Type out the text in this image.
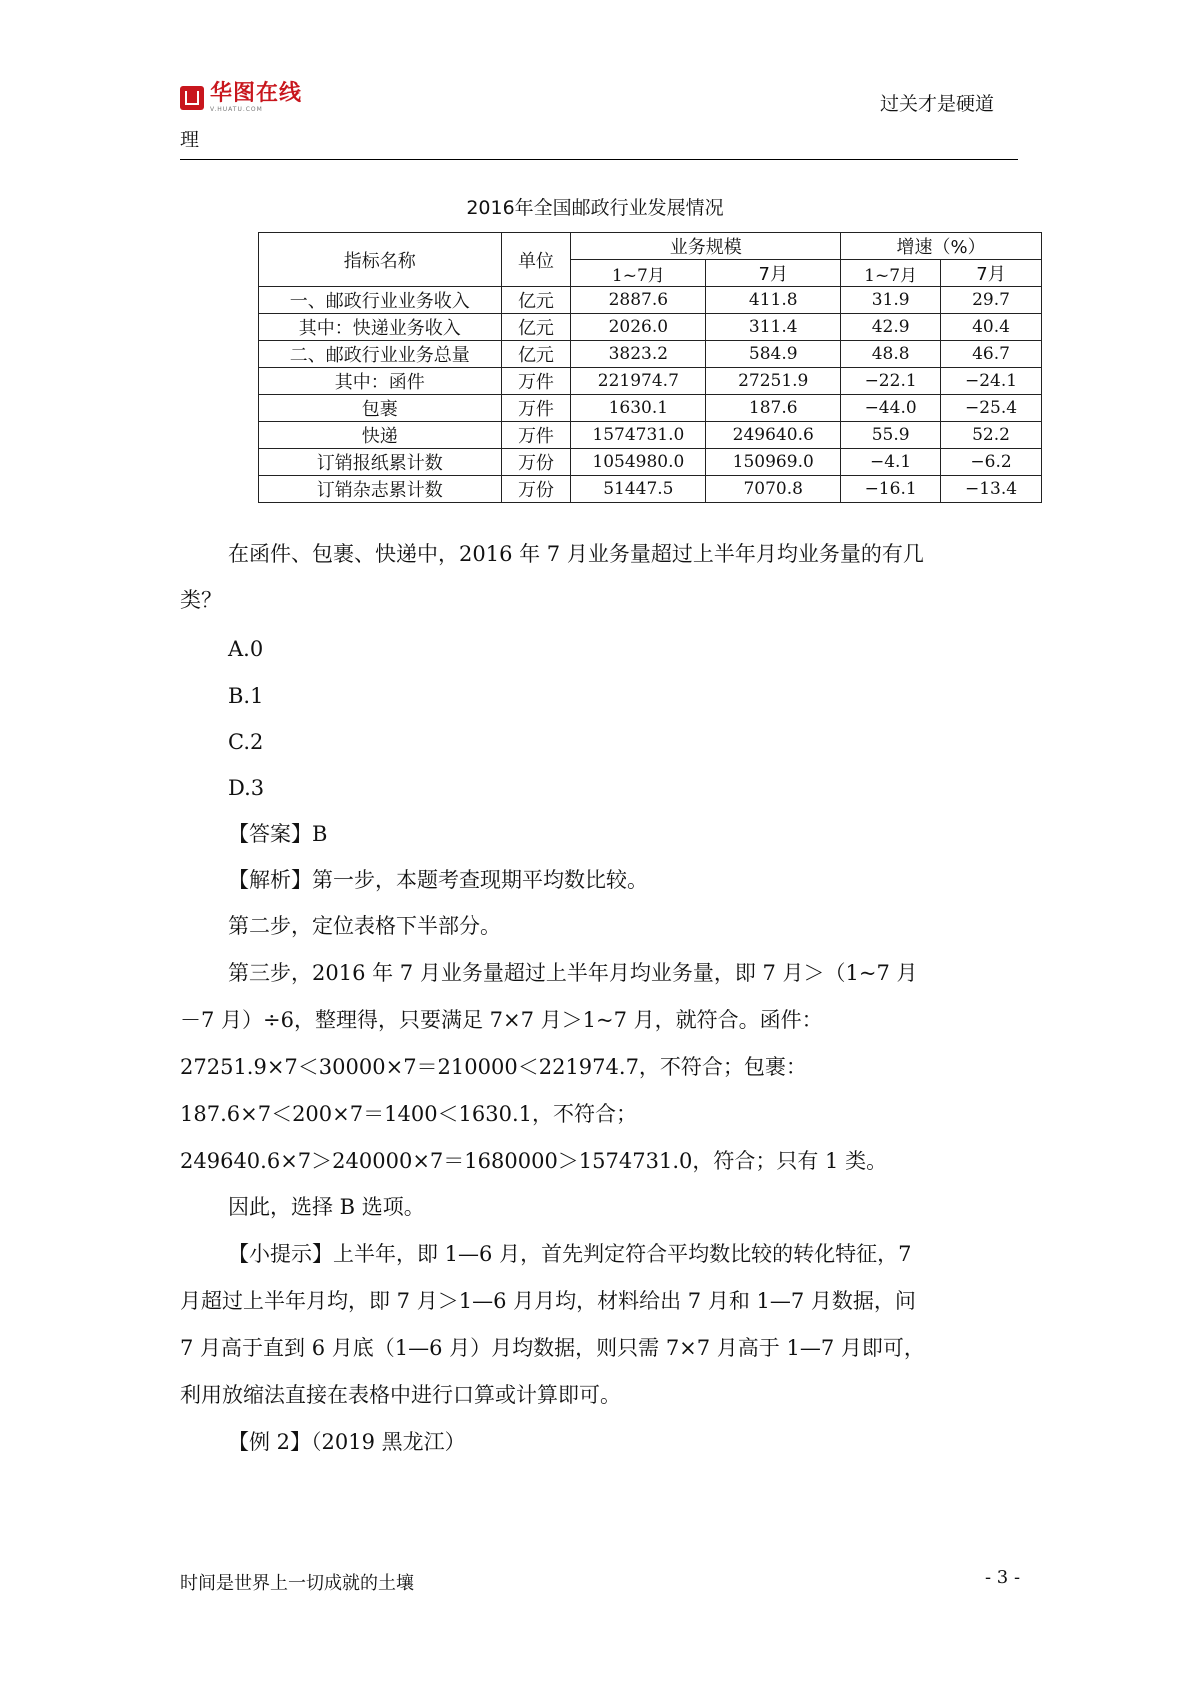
华图在线
V.HUATU.COM	过关才是硬道
理
2016年全国邮政行业发展情况
指标名称	单位	业务规模		增速（%）	
		1~7月	7月	1~7月	7月
一、邮政行业业务收入	亿元	2887.6	411.8	31.9	29.7
其中：快递业务收入	亿元	2026.0	311.4	42.9	40.4
二、邮政行业业务总量	亿元	3823.2	584.9	48.8	46.7
其中：函件	万件	221974.7	27251.9	−22.1	−24.1
包裹	万件	1630.1	187.6	−44.0	−25.4
快递	万件	1574731.0	249640.6	55.9	52.2
订销报纸累计数	万份	1054980.0	150969.0	−4.1	−6.2
订销杂志累计数	万份	51447.5	7070.8	−16.1	−13.4
在函件、包裹、快递中，2016 年 7 月业务量超过上半年月均业务量的有几
类？
A.0
B.1
C.2
D.3
【答案】B
【解析】第一步，本题考查现期平均数比较。
第二步，定位表格下半部分。
第三步，2016 年 7 月业务量超过上半年月均业务量，即 7 月＞（1~7 月
－7 月）÷6，整理得，只要满足 7×7 月＞1~7 月，就符合。函件：
27251.9×7＜30000×7＝210000＜221974.7，不符合；包裹：
187.6×7＜200×7＝1400＜1630.1，不符合；
249640.6×7＞240000×7＝1680000＞1574731.0，符合；只有 1 类。
因此，选择 B 选项。
【小提示】上半年，即 1—6 月，首先判定符合平均数比较的转化特征，7
月超过上半年月均，即 7 月＞1—6 月月均，材料给出 7 月和 1—7 月数据，问
7 月高于直到 6 月底（1—6 月）月均数据，则只需 7×7 月高于 1—7 月即可，
利用放缩法直接在表格中进行口算或计算即可。
【例 2】（2019 黑龙江）
时间是世界上一切成就的土壤	- 3 -
